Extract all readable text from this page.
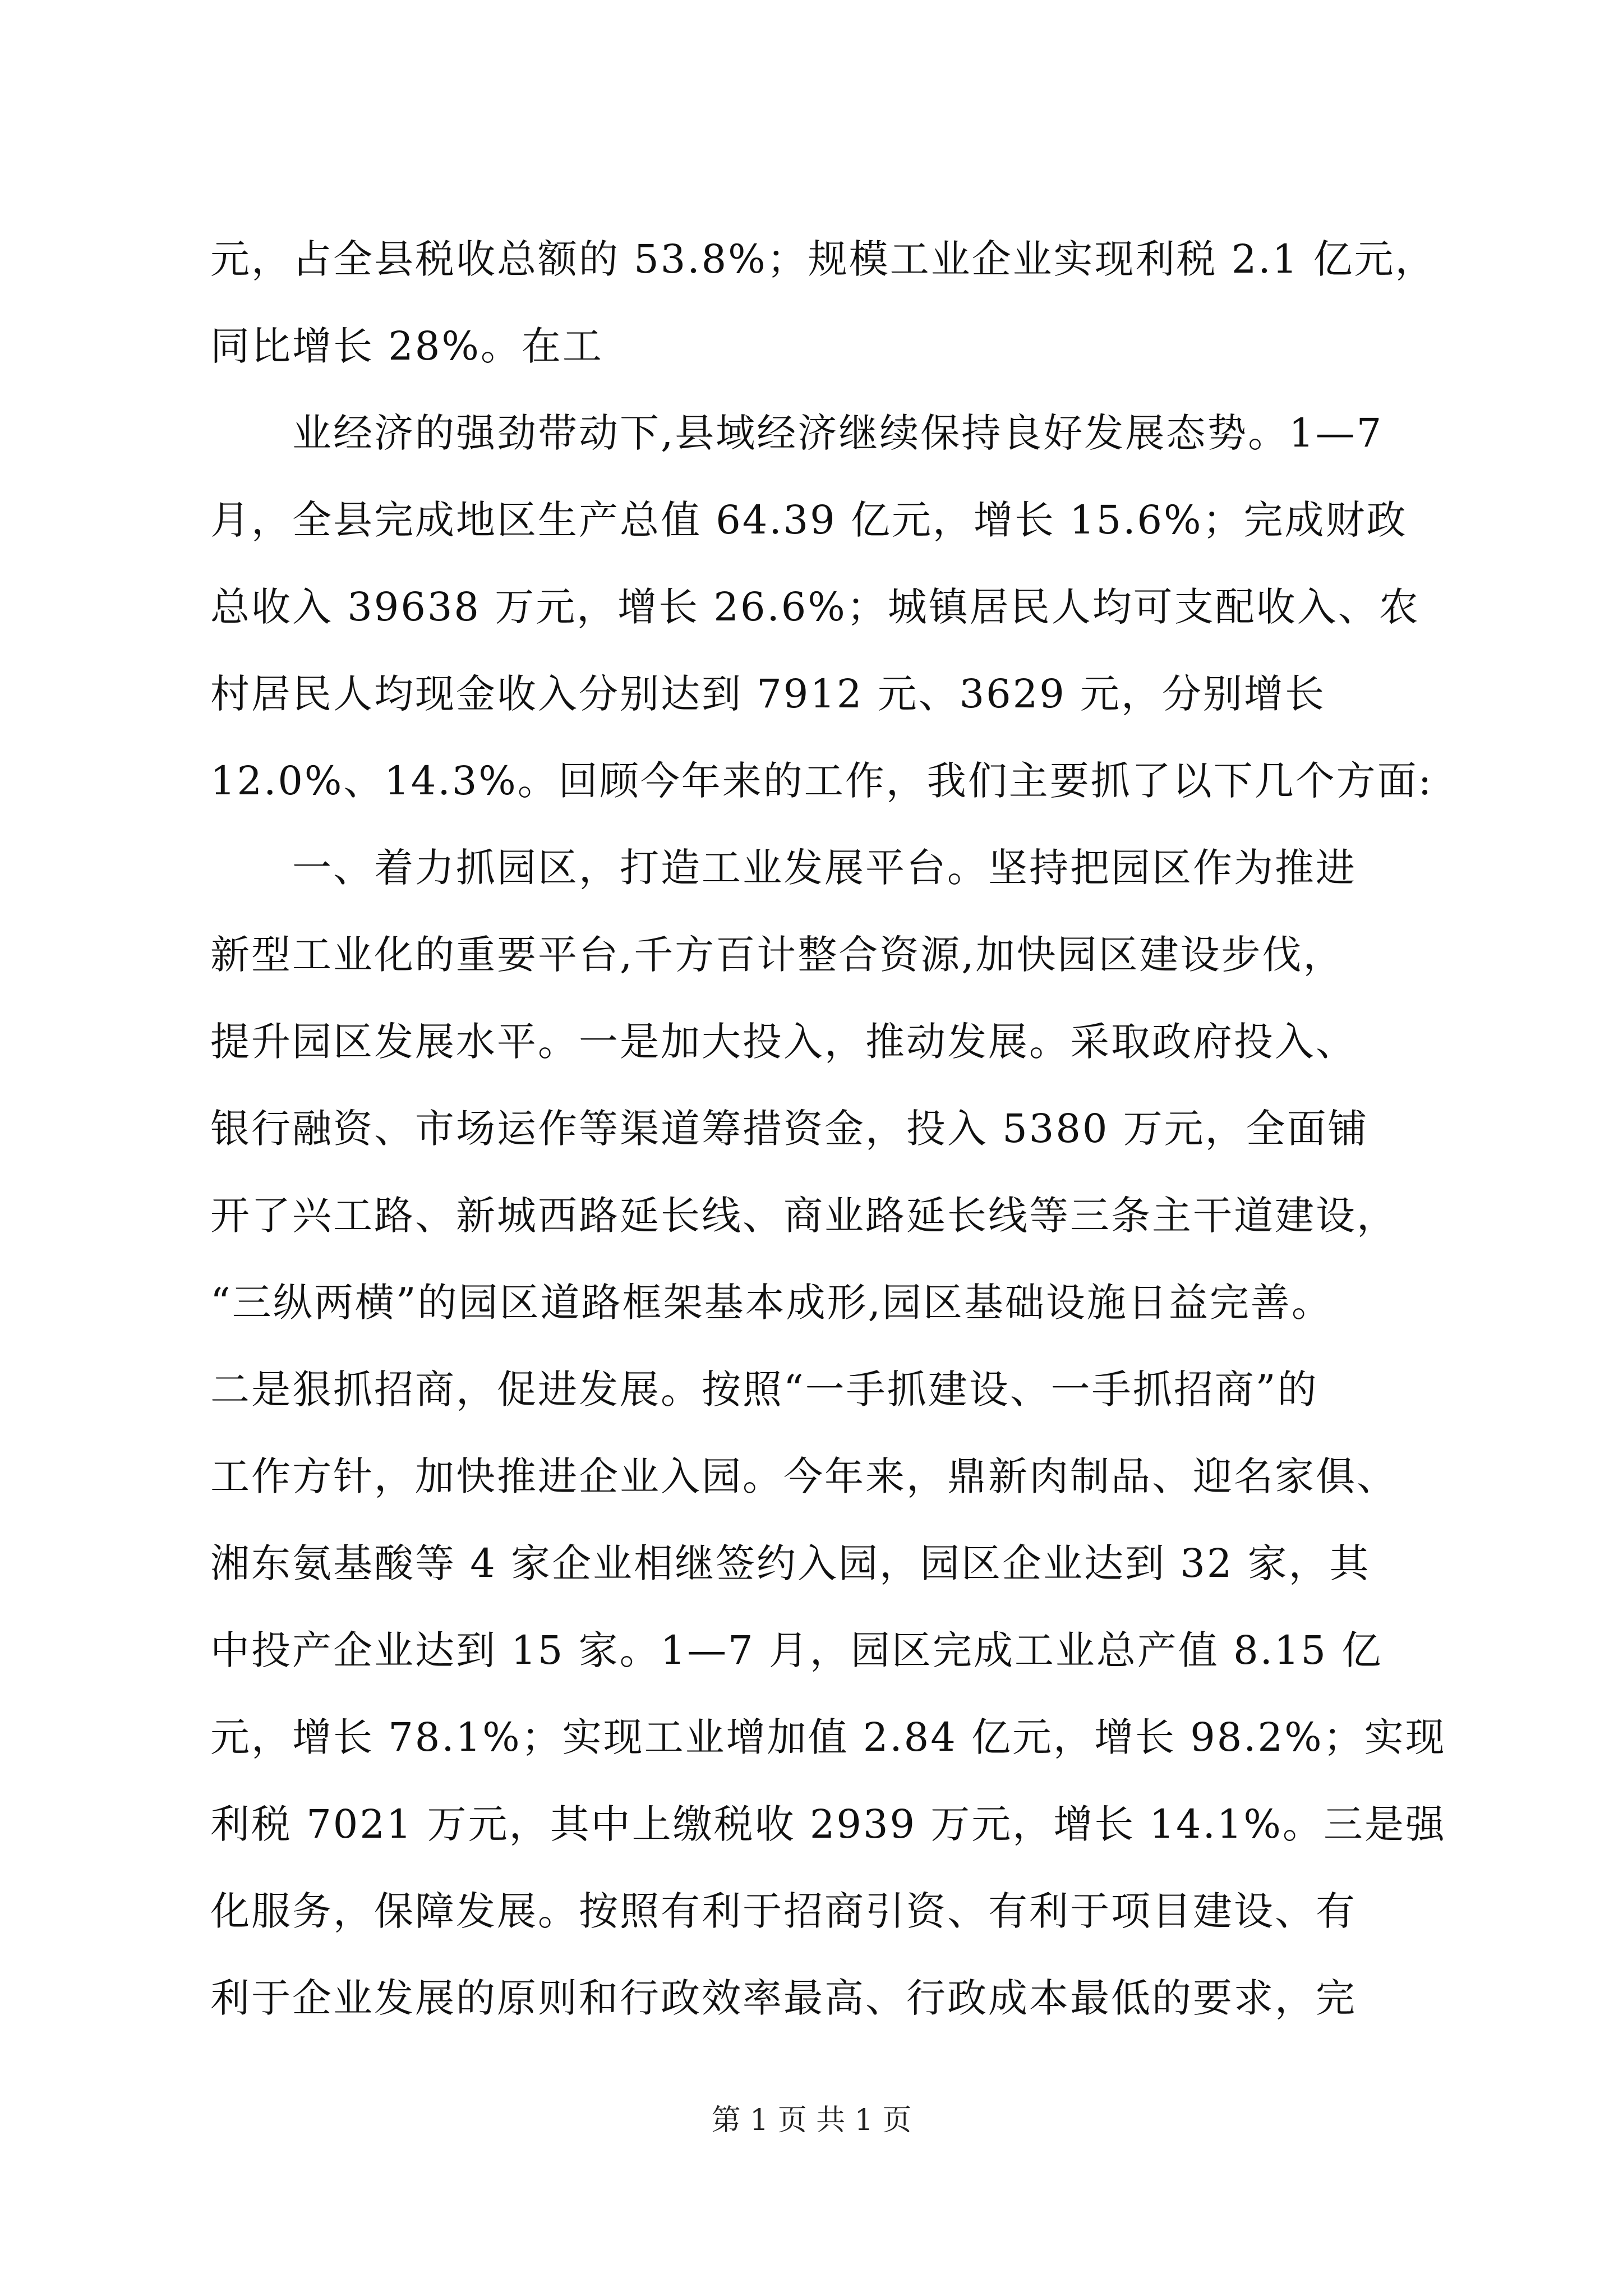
元，占全县税收总额的 53.8%；规模工业企业实现利税 2.1 亿元，
同比增长 28%。在工
　　业经济的强劲带动下,县域经济继续保持良好发展态势。1—7
月，全县完成地区生产总值 64.39 亿元，增长 15.6%；完成财政
总收入 39638 万元，增长 26.6%；城镇居民人均可支配收入、农
村居民人均现金收入分别达到 7912 元、3629 元，分别增长
12.0%、14.3%。回顾今年来的工作，我们主要抓了以下几个方面:
　　一、着力抓园区，打造工业发展平台。坚持把园区作为推进
新型工业化的重要平台,千方百计整合资源,加快园区建设步伐，
提升园区发展水平。一是加大投入，推动发展。采取政府投入、
银行融资、市场运作等渠道筹措资金，投入 5380 万元，全面铺
开了兴工路、新城西路延长线、商业路延长线等三条主干道建设，
“三纵两横”的园区道路框架基本成形,园区基础设施日益完善。
二是狠抓招商，促进发展。按照“一手抓建设、一手抓招商”的
工作方针，加快推进企业入园。今年来，鼎新肉制品、迎名家俱、
湘东氨基酸等 4 家企业相继签约入园，园区企业达到 32 家，其
中投产企业达到 15 家。1—7 月，园区完成工业总产值 8.15 亿
元，增长 78.1%；实现工业增加值 2.84 亿元，增长 98.2%；实现
利税 7021 万元，其中上缴税收 2939 万元，增长 14.1%。三是强
化服务，保障发展。按照有利于招商引资、有利于项目建设、有
利于企业发展的原则和行政效率最高、行政成本最低的要求，完
第 1 页 共 1 页
